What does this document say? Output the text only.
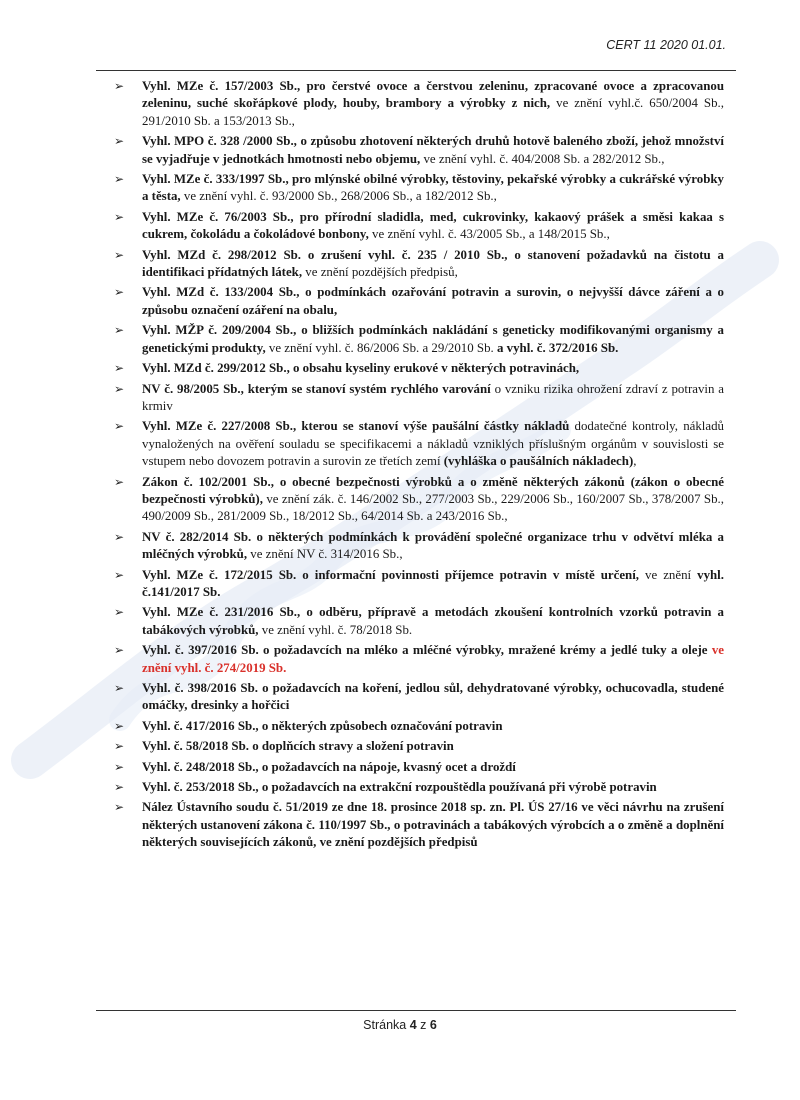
CERT 11 2020 01.01.
➢ Vyhl. MZe č. 157/2003 Sb., pro čerstvé ovoce a čerstvou zeleninu, zpracované ovoce a zpracovanou zeleninu, suché skořápkové plody, houby, brambory a výrobky z nich, ve znění vyhl.č. 650/2004 Sb., 291/2010 Sb. a 153/2013 Sb.,
➢ Vyhl. MPO č. 328 /2000 Sb., o způsobu zhotovení některých druhů hotově baleného zboží, jehož množství se vyjadřuje v jednotkách hmotnosti nebo objemu, ve znění vyhl. č. 404/2008 Sb. a 282/2012 Sb.,
➢ Vyhl. MZe č. 333/1997 Sb., pro mlýnské obilné výrobky, těstoviny, pekařské výrobky a cukrářské výrobky a těsta, ve znění vyhl. č. 93/2000 Sb., 268/2006 Sb., a 182/2012 Sb.,
➢ Vyhl. MZe č. 76/2003 Sb., pro přírodní sladidla, med, cukrovinky, kakaový prášek a směsi kakaa s cukrem, čokoládu a čokoládové bonbony, ve znění vyhl. č. 43/2005 Sb., a 148/2015 Sb.,
➢ Vyhl. MZd č. 298/2012 Sb. o zrušení vyhl. č. 235 / 2010 Sb., o stanovení požadavků na čistotu a identifikaci přídatných látek, ve znění pozdějších předpisů,
➢ Vyhl. MZd č. 133/2004 Sb., o podmínkách ozařování potravin a surovin, o nejvyšší dávce záření a o způsobu označení ozáření na obalu,
➢ Vyhl. MŽP č. 209/2004 Sb., o bližších podmínkách nakládání s geneticky modifikovanými organismy a genetickými produkty, ve znění vyhl. č. 86/2006 Sb. a 29/2010 Sb. a vyhl. č. 372/2016 Sb.
➢ Vyhl. MZd č. 299/2012 Sb., o obsahu kyseliny erukové v některých potravinách,
➢ NV č. 98/2005 Sb., kterým se stanoví systém rychlého varování o vzniku rizika ohrožení zdraví z potravin a krmiv
➢ Vyhl. MZe č. 227/2008 Sb., kterou se stanoví výše paušální částky nákladů dodatečné kontroly, nákladů vynaložených na ověření souladu se specifikacemi a nákladů vzniklých příslušným orgánům v souvislosti se vstupem nebo dovozem potravin a surovin ze třetích zemí (vyhláška o paušálních nákladech),
➢ Zákon č. 102/2001 Sb., o obecné bezpečnosti výrobků a o změně některých zákonů (zákon o obecné bezpečnosti výrobků), ve znění zák. č. 146/2002 Sb., 277/2003 Sb., 229/2006 Sb., 160/2007 Sb., 378/2007 Sb., 490/2009 Sb., 281/2009 Sb., 18/2012 Sb., 64/2014 Sb. a 243/2016 Sb.,
➢ NV č. 282/2014 Sb. o některých podmínkách k provádění společné organizace trhu v odvětví mléka a mléčných výrobků, ve znění NV č. 314/2016 Sb.,
➢ Vyhl. MZe č. 172/2015 Sb. o informační povinnosti příjemce potravin v místě určení, ve znění vyhl. č.141/2017 Sb.
➢ Vyhl. MZe č. 231/2016 Sb., o odběru, přípravě a metodách zkoušení kontrolních vzorků potravin a tabákových výrobků, ve znění vyhl. č. 78/2018 Sb.
➢ Vyhl. č. 397/2016 Sb. o požadavcích na mléko a mléčné výrobky, mražené krémy a jedlé tuky a oleje ve znění vyhl. č. 274/2019 Sb.
➢ Vyhl. č. 398/2016 Sb. o požadavcích na koření, jedlou sůl, dehydratované výrobky, ochucovadla, studené omáčky, dresinky a hořčici
➢ Vyhl. č. 417/2016 Sb., o některých způsobech označování potravin
➢ Vyhl. č. 58/2018 Sb. o doplňcích stravy a složení potravin
➢ Vyhl. č. 248/2018 Sb., o požadavcích na nápoje, kvasný ocet a droždí
➢ Vyhl. č. 253/2018 Sb., o požadavcích na extrakční rozpouštědla používaná při výrobě potravin
➢ Nález Ústavního soudu č. 51/2019 ze dne 18. prosince 2018 sp. zn. Pl. ÚS 27/16 ve věci návrhu na zrušení některých ustanovení zákona č. 110/1997 Sb., o potravinách a tabákových výrobcích a o změně a doplnění některých souvisejících zákonů, ve znění pozdějších předpisů
Stránka 4 z 6
